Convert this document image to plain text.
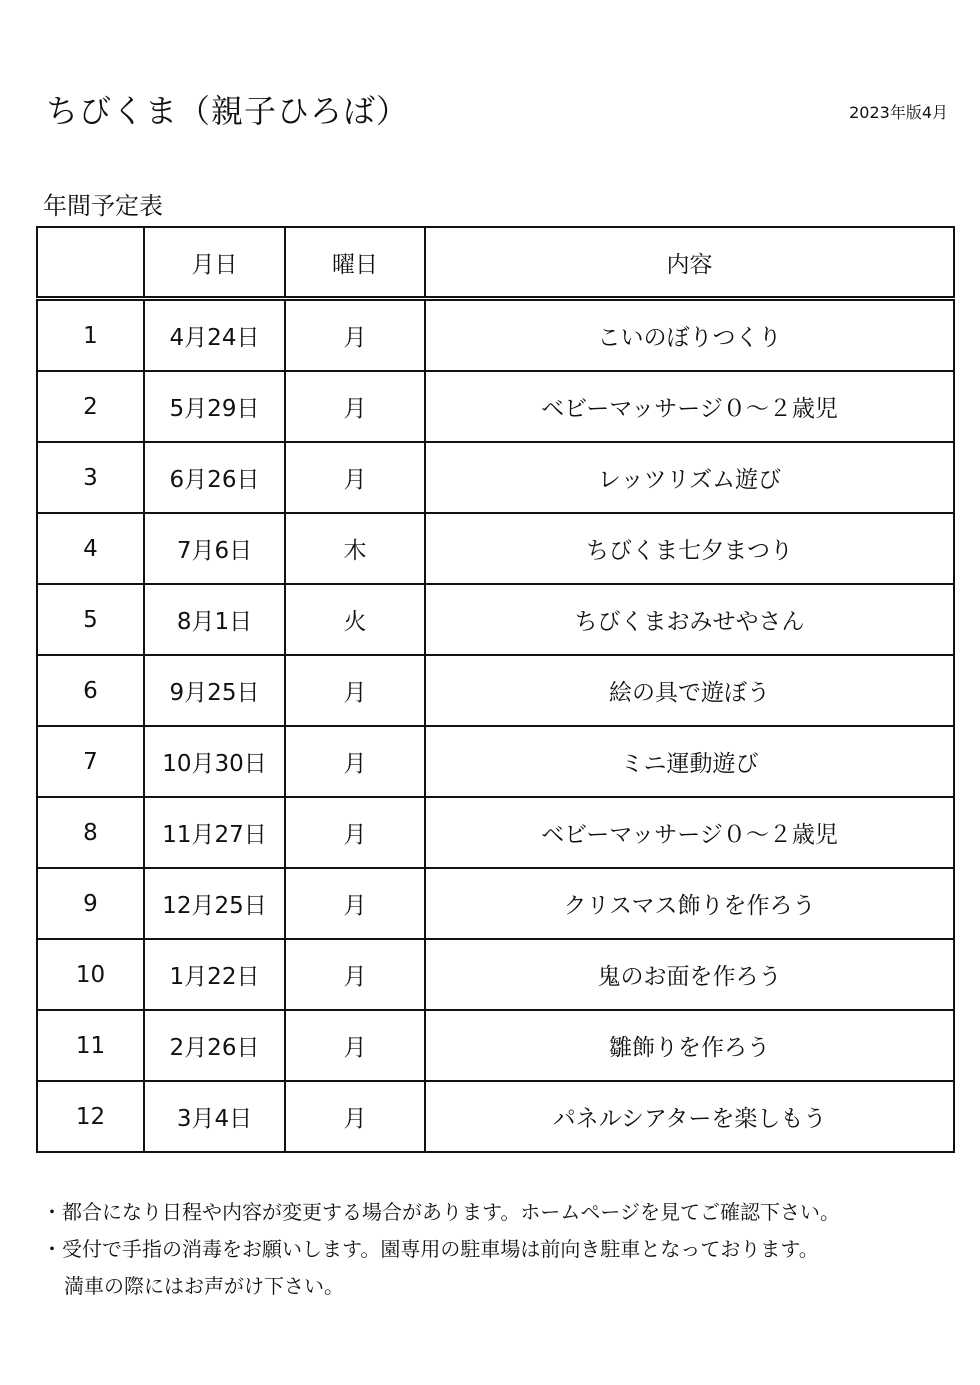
ちびくま（親子ひろば）	2023年版4月
年間予定表
	月日	曜日	内容
1	4月24日	月	こいのぼりつくり
2	5月29日	月	ベビーマッサージ０～２歳児
3	6月26日	月	レッツリズム遊び
4	7月6日	木	ちびくま七夕まつり
5	8月1日	火	ちびくまおみせやさん
6	9月25日	月	絵の具で遊ぼう
7	10月30日	月	ミニ運動遊び
8	11月27日	月	ベビーマッサージ０～２歳児
9	12月25日	月	クリスマス飾りを作ろう
10	1月22日	月	鬼のお面を作ろう
11	2月26日	月	雛飾りを作ろう
12	3月4日	月	パネルシアターを楽しもう
・都合になり日程や内容が変更する場合があります。ホームページを見てご確認下さい。
・受付で手指の消毒をお願いします。園専用の駐車場は前向き駐車となっております。
満車の際にはお声がけ下さい。
